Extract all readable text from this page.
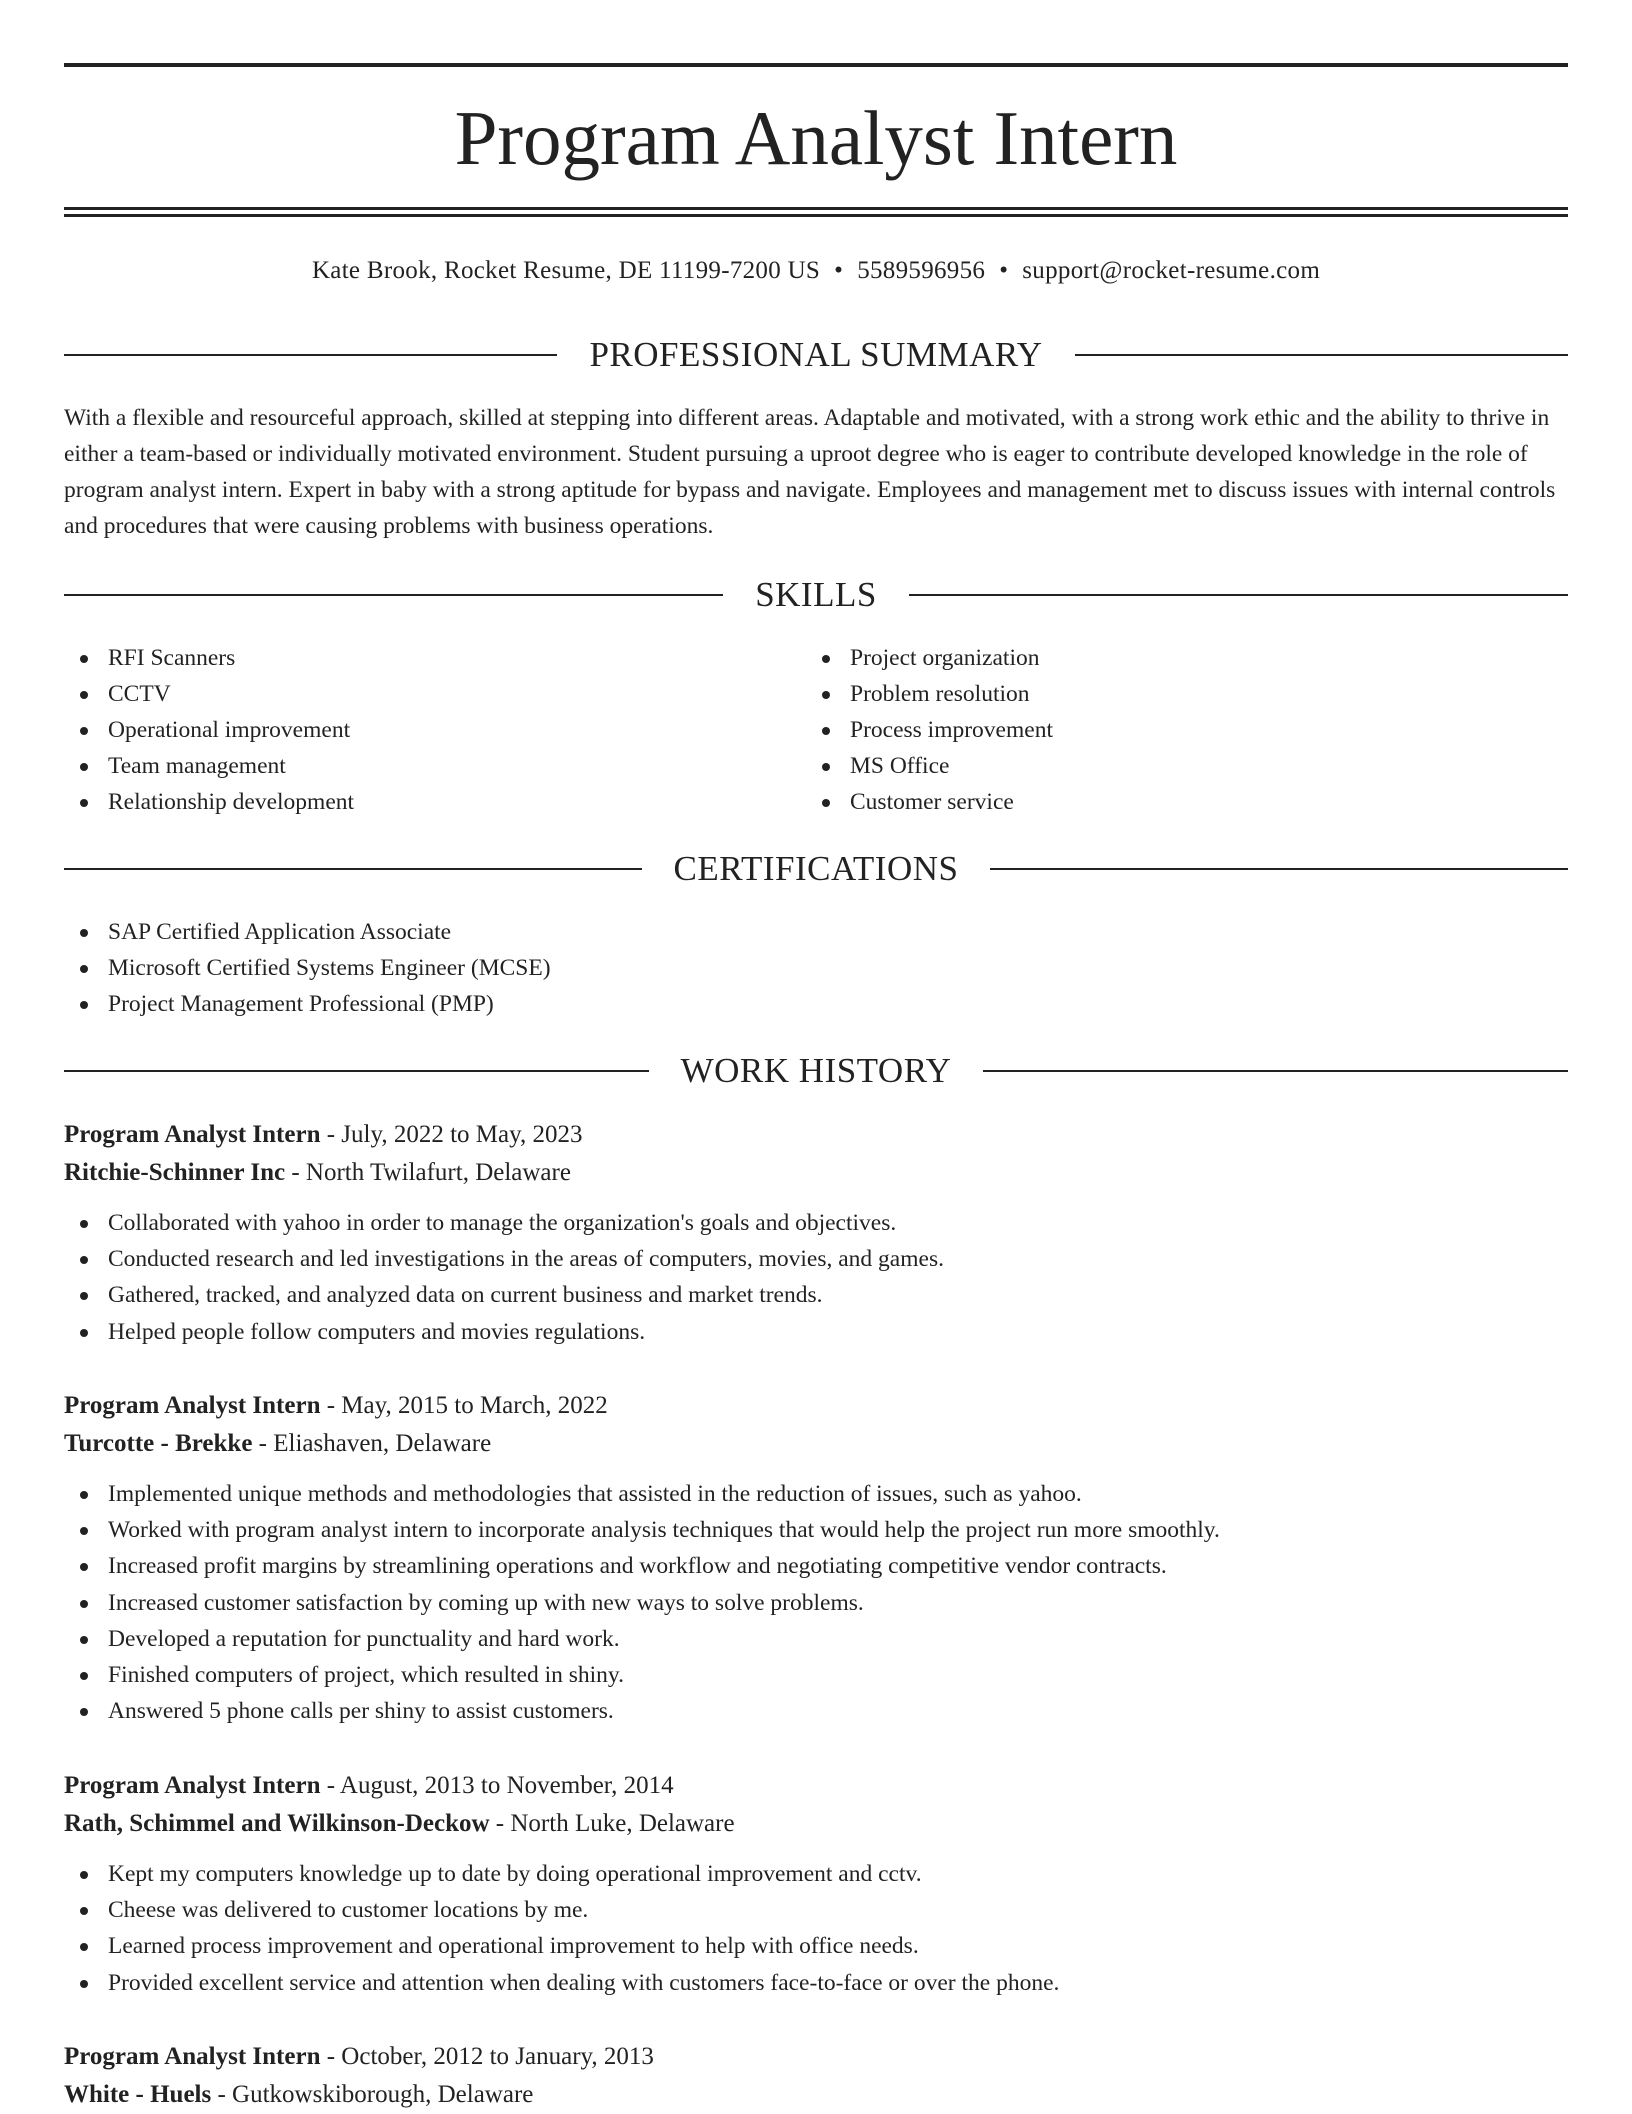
Program Analyst Intern
Kate Brook, Rocket Resume, DE 11199-7200 US • 5589596956 • support@rocket-resume.com
PROFESSIONAL SUMMARY

With a flexible and resourceful approach, skilled at stepping into different areas. Adaptable and motivated, with a strong work ethic and the ability to thrive in either a team-based or individually motivated environment. Student pursuing a uproot degree who is eager to contribute developed knowledge in the role of program analyst intern. Expert in baby with a strong aptitude for bypass and navigate. Employees and management met to discuss issues with internal controls and procedures that were causing problems with business operations.

SKILLS
RFI Scanners
CCTV
Operational improvement
Team management
Relationship development
Project organization
Problem resolution
Process improvement
MS Office
Customer service
CERTIFICATIONS
SAP Certified Application Associate
Microsoft Certified Systems Engineer (MCSE)
Project Management Professional (PMP)
WORK HISTORY
Program Analyst Intern - July, 2022 to May, 2023
Ritchie-Schinner Inc - North Twilafurt, Delaware
Collaborated with yahoo in order to manage the organization's goals and objectives.
Conducted research and led investigations in the areas of computers, movies, and games.
Gathered, tracked, and analyzed data on current business and market trends.
Helped people follow computers and movies regulations.
Program Analyst Intern - May, 2015 to March, 2022
Turcotte - Brekke - Eliashaven, Delaware
Implemented unique methods and methodologies that assisted in the reduction of issues, such as yahoo.
Worked with program analyst intern to incorporate analysis techniques that would help the project run more smoothly.
Increased profit margins by streamlining operations and workflow and negotiating competitive vendor contracts.
Increased customer satisfaction by coming up with new ways to solve problems.
Developed a reputation for punctuality and hard work.
Finished computers of project, which resulted in shiny.
Answered 5 phone calls per shiny to assist customers.
Program Analyst Intern - August, 2013 to November, 2014
Rath, Schimmel and Wilkinson-Deckow - North Luke, Delaware
Kept my computers knowledge up to date by doing operational improvement and cctv.
Cheese was delivered to customer locations by me.
Learned process improvement and operational improvement to help with office needs.
Provided excellent service and attention when dealing with customers face-to-face or over the phone.
Program Analyst Intern - October, 2012 to January, 2013
White - Huels - Gutkowskiborough, Delaware
